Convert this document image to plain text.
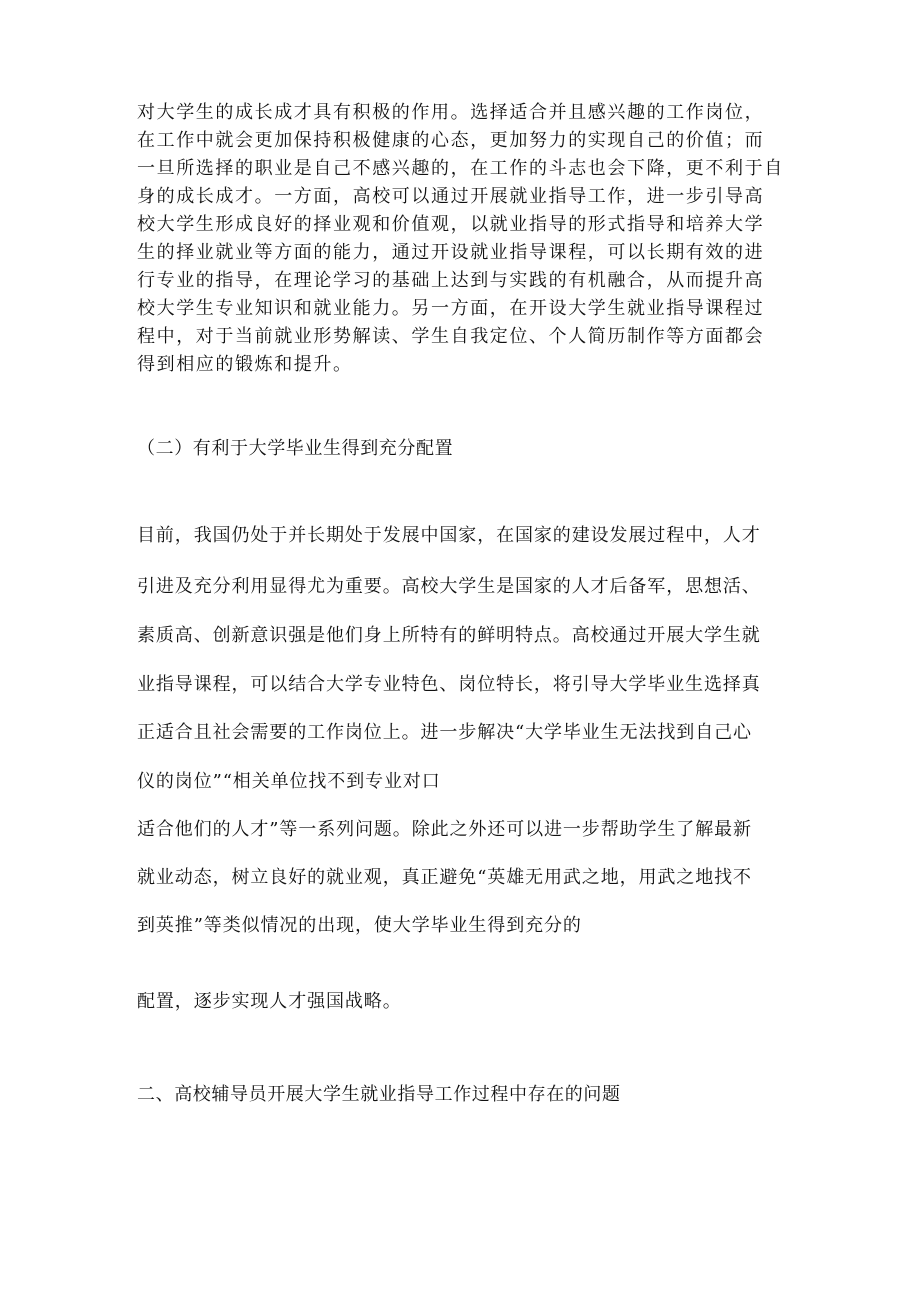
对大学生的成长成才具有积极的作用。选择适合并且感兴趣的工作岗位，
在工作中就会更加保持积极健康的心态，更加努力的实现自己的价值；而
一旦所选择的职业是自己不感兴趣的，在工作的斗志也会下降，更不利于自
身的成长成才。一方面，高校可以通过开展就业指导工作，进一步引导高
校大学生形成良好的择业观和价值观，以就业指导的形式指导和培养大学
生的择业就业等方面的能力，通过开设就业指导课程，可以长期有效的进
行专业的指导，在理论学习的基础上达到与实践的有机融合，从而提升高
校大学生专业知识和就业能力。另一方面，在开设大学生就业指导课程过
程中，对于当前就业形势解读、学生自我定位、个人简历制作等方面都会
得到相应的锻炼和提升。
（二）有利于大学毕业生得到充分配置
目前，我国仍处于并长期处于发展中国家，在国家的建设发展过程中，人才
引进及充分利用显得尤为重要。高校大学生是国家的人才后备军，思想活、
素质高、创新意识强是他们身上所特有的鲜明特点。高校通过开展大学生就
业指导课程，可以结合大学专业特色、岗位特长，将引导大学毕业生选择真
正适合且社会需要的工作岗位上。进一步解决“大学毕业生无法找到自己心
仪的岗位”“相关单位找不到专业对口
适合他们的人才”等一系列问题。除此之外还可以进一步帮助学生了解最新
就业动态，树立良好的就业观，真正避免“英雄无用武之地，用武之地找不
到英推”等类似情况的出现，使大学毕业生得到充分的
配置，逐步实现人才强国战略。
二、高校辅导员开展大学生就业指导工作过程中存在的问题
